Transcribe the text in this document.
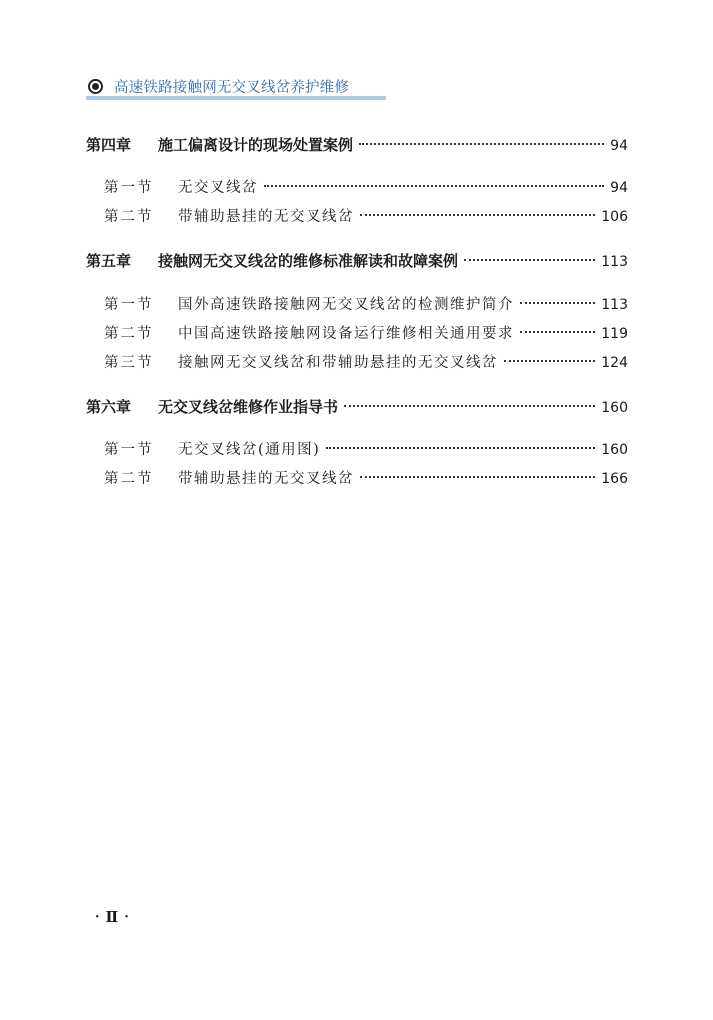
高速铁路接触网无交叉线岔养护维修
第四章	施工偏离设计的现场处置案例	94
第一节	无交叉线岔	94
第二节	带辅助悬挂的无交叉线岔	106
第五章	接触网无交叉线岔的维修标准解读和故障案例	113
第一节	国外高速铁路接触网无交叉线岔的检测维护简介	113
第二节	中国高速铁路接触网设备运行维修相关通用要求	119
第三节	接触网无交叉线岔和带辅助悬挂的无交叉线岔	124
第六章	无交叉线岔维修作业指导书	160
第一节	无交叉线岔(通用图)	160
第二节	带辅助悬挂的无交叉线岔	166
· Ⅱ ·
